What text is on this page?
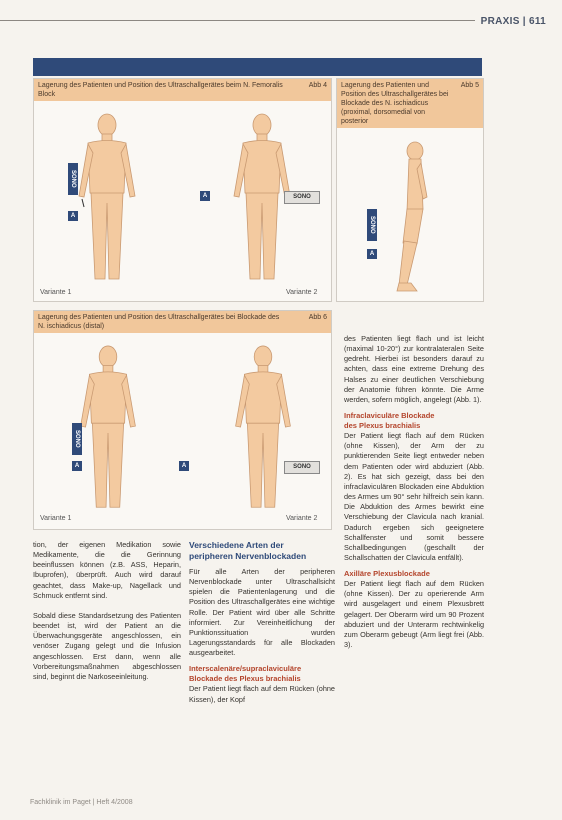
PRAXIS | 611
Lagerung des Patienten und Position des Ultraschallgerätes beim N. Femoralis Block
Abb 4
SONO
A
A	SONO
Variante 1	Variante 2
Lagerung des Patienten und Position des Ultraschallgerätes bei Blockade des N. ischiadicus (proximal, dorsomedial von posterior
Abb 5
SONO
A
Lagerung des Patienten und Position des Ultraschallgerätes bei Blockade des N. ischiadicus (distal)
Abb 6
SONO
A	A	SONO
Variante 1	Variante 2

des Patienten liegt flach und ist leicht (maximal 10-20°) zur kontralateralen Seite gedreht. Hierbei ist besonders darauf zu achten, dass eine extreme Drehung des Halses zu einer deutlichen Verschiebung der Anatomie führen könnte. Die Arme werden, sofern möglich, angelegt (Abb. 1).

Infraclaviculäre Blockade
des Plexus brachialis

Der Patient liegt flach auf dem Rücken (ohne Kissen), der Arm der zu punktierenden Seite liegt entweder neben dem Patienten oder wird abduziert (Abb. 2). Es hat sich gezeigt, dass bei den infraclaviculären Blockaden eine Abduktion des Armes um 90° sehr hilfreich sein kann. Die Abduktion des Armes bewirkt eine Verschiebung der Clavicula nach kranial. Dadurch ergeben sich geeignetere Schallfenster und somit bessere Schallbedingungen (geschallt der Schallschatten der Clavicula entfällt).

Axilläre Plexusblockade

Der Patient liegt flach auf dem Rücken (ohne Kissen). Der zu operierende Arm wird ausgelagert und einem Plexusbrett gelagert. Der Oberarm wird um 90 Prozent abduziert und der Unterarm rechtwinkelig zum Oberarm gebeugt (Arm liegt frei (Abb. 3).

tion, der eigenen Medikation sowie Medikamente, die die Gerinnung beeinflussen können (z.B. ASS, Heparin, Ibuprofen), überprüft. Auch wird darauf geachtet, dass Make-up, Nagellack und Schmuck entfernt sind.

Sobald diese Standardsetzung des Patienten beendet ist, wird der Patient an die Überwachungsgeräte angeschlossen, ein venöser Zugang gelegt und die Infusion angeschlossen. Erst dann, wenn alle Vorbereitungsmaßnahmen abgeschlossen sind, beginnt die Narkoseeinleitung.

Verschiedene Arten der
peripheren Nervenblockaden

Für alle Arten der peripheren Nervenblockade unter Ultraschallsicht spielen die Patientenlagerung und die Position des Ultraschallgerätes eine wichtige Rolle. Der Patient wird über alle Schritte informiert. Zur Vereinheitlichung der Punktionssituation wurden Lagerungsstandards für alle Blockaden ausgearbeitet.

Interscalenäre/supraclaviculäre
Blockade des Plexus brachialis

Der Patient liegt flach auf dem Rücken (ohne Kissen), der Kopf

Fachklinik im Paget | Heft 4/2008
